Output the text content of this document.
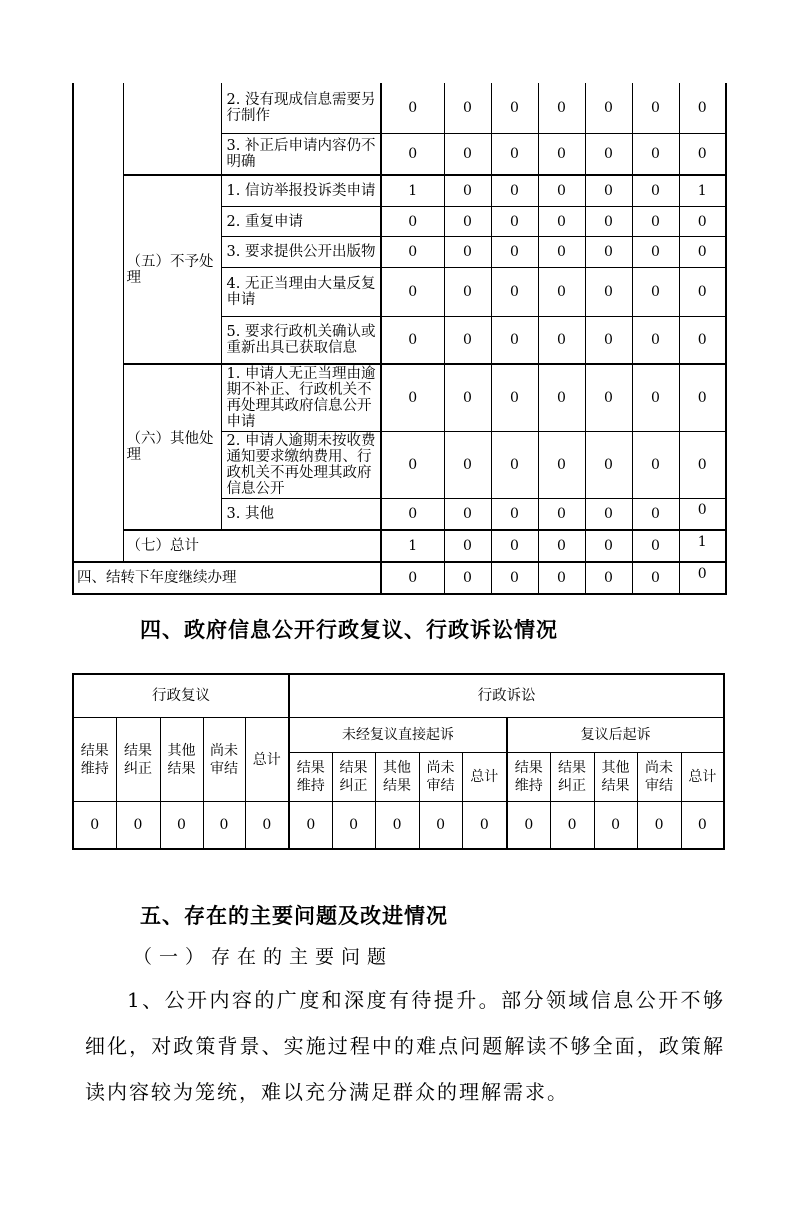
		2. 没有现成信息需要另行制作	0	0	0	0	0	0	0
		3. 补正后申请内容仍不明确	0	0	0	0	0	0	0
	（五）不予处理	1. 信访举报投诉类申请	1	0	0	0	0	0	1
		2. 重复申请	0	0	0	0	0	0	0
		3. 要求提供公开出版物	0	0	0	0	0	0	0
		4. 无正当理由大量反复申请	0	0	0	0	0	0	0
		5. 要求行政机关确认或重新出具已获取信息	0	0	0	0	0	0	0
	（六）其他处理	1. 申请人无正当理由逾期不补正、行政机关不再处理其政府信息公开申请	0	0	0	0	0	0	0
		2. 申请人逾期未按收费通知要求缴纳费用、行政机关不再处理其政府信息公开	0	0	0	0	0	0	0
		3. 其他	0	0	0	0	0	0	0
	（七）总计		1	0	0	0	0	0	1
四、结转下年度继续办理			0	0	0	0	0	0	0
四、政府信息公开行政复议、行政诉讼情况
行政复议					行政诉讼									
结果维持	结果纠正	其他结果	尚未审结	总计	未经复议直接起诉					复议后起诉				
					结果维持	结果纠正	其他结果	尚未审结	总计	结果维持	结果纠正	其他结果	尚未审结	总计
0	0	0	0	0	0	0	0	0	0	0	0	0	0	0
五、存在的主要问题及改进情况
（一）存在的主要问题
1、公开内容的广度和深度有待提升。部分领域信息公开不够细化，对政策背景、实施过程中的难点问题解读不够全面，政策解读内容较为笼统，难以充分满足群众的理解需求。
